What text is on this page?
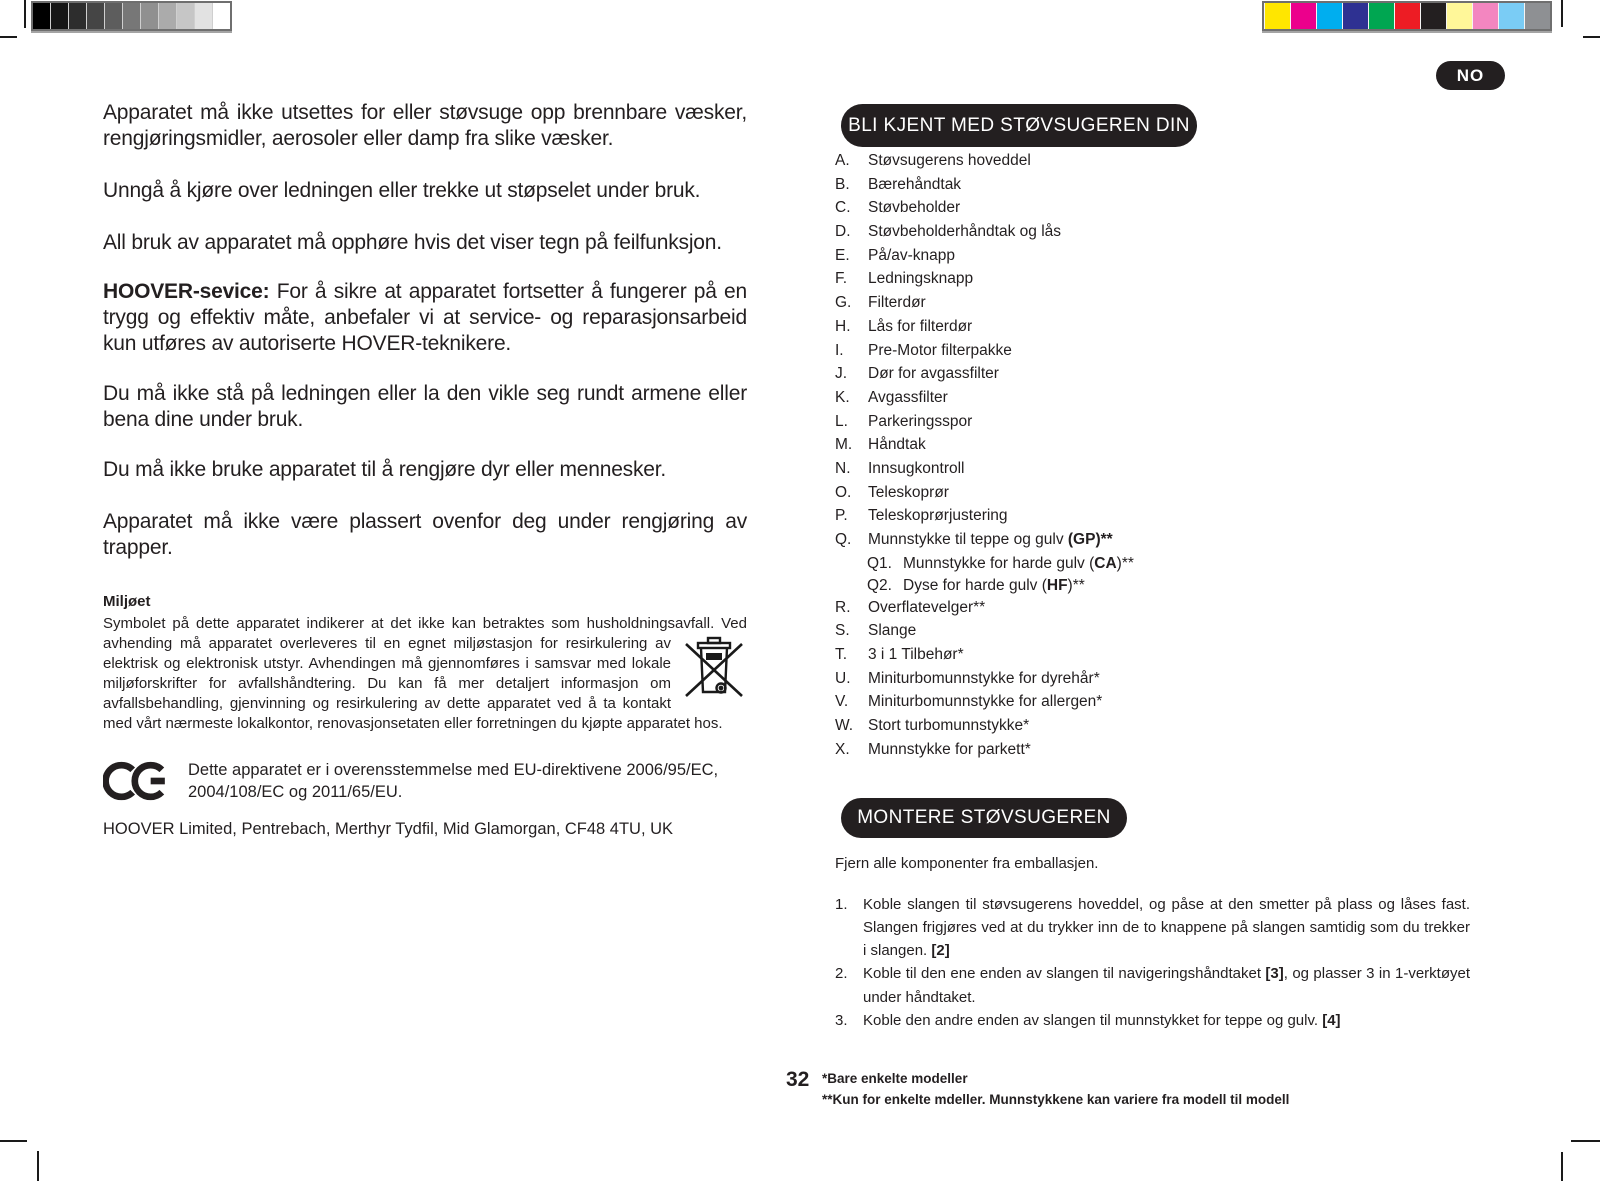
NO

Apparatet må ikke utsettes for eller støvsuge opp brennbare væsker, rengjøringsmidler, aerosoler eller damp fra slike væsker.

Unngå å kjøre over ledningen eller trekke ut støpselet under bruk.

All bruk av apparatet må opphøre hvis det viser tegn på feilfunksjon.

HOOVER-sevice: For å sikre at apparatet fortsetter å fungerer på en trygg og effektiv måte, anbefaler vi at service- og reparasjonsarbeid kun utføres av autoriserte HOVER-teknikere.

Du må ikke stå på ledningen eller la den vikle seg rundt armene eller bena dine under bruk.

Du må ikke bruke apparatet til å rengjøre dyr eller mennesker.

Apparatet må ikke være plassert ovenfor deg under rengjøring av trapper.

Miljøet
Symbolet på dette apparatet indikerer at det ikke kan betraktes som husholdningsavfall. Ved avhending må apparatet overleveres til en egnet miljøstasjon for resirkulering
av elektrisk og elektronisk utstyr. Avhendingen må gjennomføres i samsvar med lokale miljøforskrifter for avfallshåndtering. Du kan få mer detaljert informasjon om avfallsbehandling, gjenvinning og resirkulering av dette apparatet ved å ta kontakt med vårt nærmeste lokalkontor, renovasjonsetaten eller forretningen du kjøpte apparatet hos.
Dette apparatet er i overensstemmelse med EU-direktivene 2006/95/EC, 2004/108/EC og 2011/65/EU.
HOOVER Limited, Pentrebach, Merthyr Tydfil, Mid Glamorgan, CF48 4TU, UK
BLI KJENT MED STØVSUGEREN DIN
A.	Støvsugerens hoveddel
B.	Bærehåndtak
C.	Støvbeholder
D.	Støvbeholderhåndtak og lås
E.	På/av-knapp
F.	Ledningsknapp
G.	Filterdør
H.	Lås for filterdør
I.	Pre-Motor filterpakke
J.	Dør for avgassfilter
K.	Avgassfilter
L.	Parkeringsspor
M.	Håndtak
N.	Innsugkontroll
O.	Teleskoprør
P.	Teleskoprørjustering
Q.	Munnstykke til teppe og gulv (GP)**
Q1. Munnstykke for harde gulv (CA)**
Q2. Dyse for harde gulv (HF)**
R.	Overflatevelger**
S.	Slange
T.	3 i 1 Tilbehør*
U.	Miniturbomunnstykke for dyrehår*
V.	Miniturbomunnstykke for allergen*
W. Stort turbomunnstykke*
X.	Munnstykke for parkett*
MONTERE STØVSUGEREN
Fjern alle komponenter fra emballasjen.
1.	Koble slangen til støvsugerens hoveddel, og påse at den smetter på plass og låses fast. Slangen frigjøres ved at du trykker inn de to knappene på slangen samtidig som du trekker i slangen. [2]
2.	Koble til den ene enden av slangen til navigeringshåndtaket [3], og plasser 3 in 1-verktøyet under håndtaket.
3.	Koble den andre enden av slangen til munnstykket for teppe og gulv. [4]
32 *Bare enkelte modeller
**Kun for enkelte mdeller. Munnstykkene kan variere fra modell til modell
